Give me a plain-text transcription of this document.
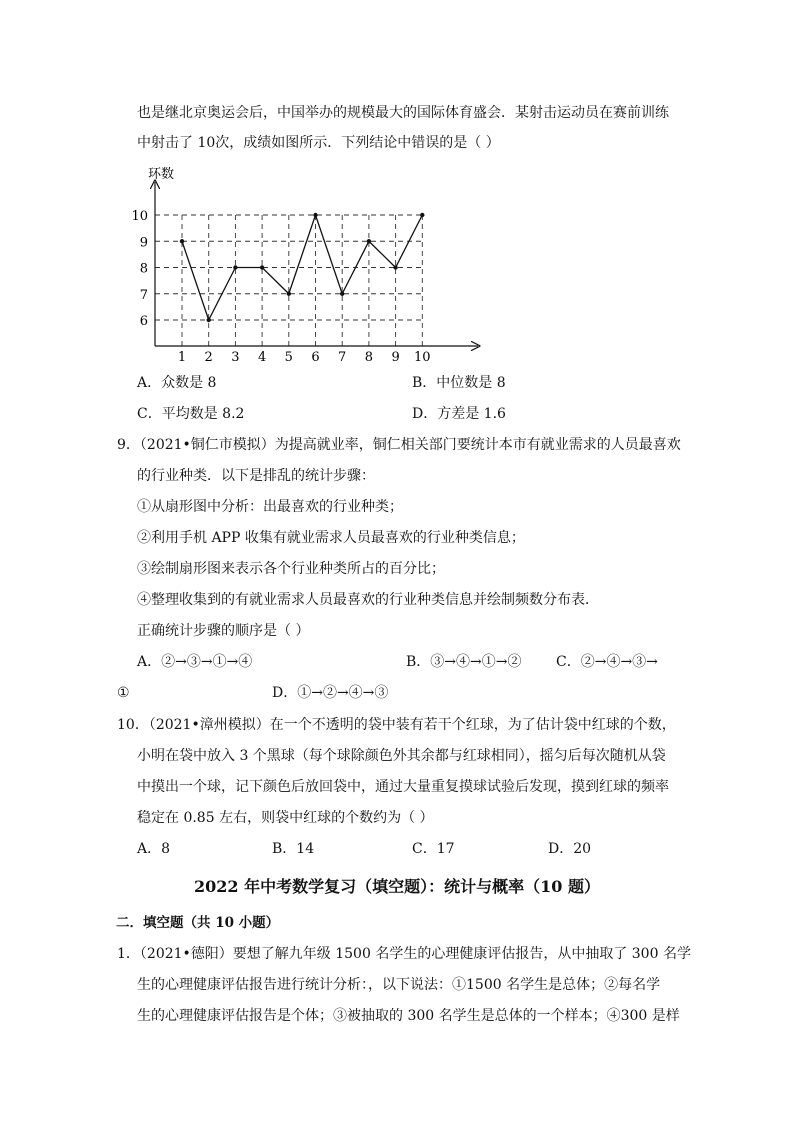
也是继北京奥运会后，中国举办的规模最大的国际体育盛会．某射击运动员在赛前训练
中射击了 10次，成绩如图所示．下列结论中错误的是（ ）
环数
6
7
8
9
10
1 2 3 4 5 6 7 8 9 10
A．众数是 8	B．中位数是 8
C．平均数是 8.2	D．方差是 1.6
9．（2021•铜仁市模拟）为提高就业率，铜仁相关部门要统计本市有就业需求的人员最喜欢
的行业种类．以下是排乱的统计步骤：
①从扇形图中分析：出最喜欢的行业种类；
②利用手机 APP 收集有就业需求人员最喜欢的行业种类信息；
③绘制扇形图来表示各个行业种类所占的百分比；
④整理收集到的有就业需求人员最喜欢的行业种类信息并绘制频数分布表．
正确统计步骤的顺序是（ ）
A．②→③→①→④	B．③→④→①→② C．②→④→③→
①	D．①→②→④→③
10．（2021•漳州模拟）在一个不透明的袋中装有若干个红球，为了估计袋中红球的个数，
小明在袋中放入 3 个黑球（每个球除颜色外其余都与红球相同），摇匀后每次随机从袋
中摸出一个球，记下颜色后放回袋中，通过大量重复摸球试验后发现，摸到红球的频率
稳定在 0.85 左右，则袋中红球的个数约为（ ）
A．8	B．14	C．17	D．20
2022 年中考数学复习（填空题）：统计与概率（10 题）
二．填空题（共 10 小题）
1．（2021•德阳）要想了解九年级 1500 名学生的心理健康评估报告，从中抽取了 300 名学
生的心理健康评估报告进行统计分析：，以下说法：①1500 名学生是总体；②每名学
生的心理健康评估报告是个体；③被抽取的 300 名学生是总体的一个样本；④300 是样
